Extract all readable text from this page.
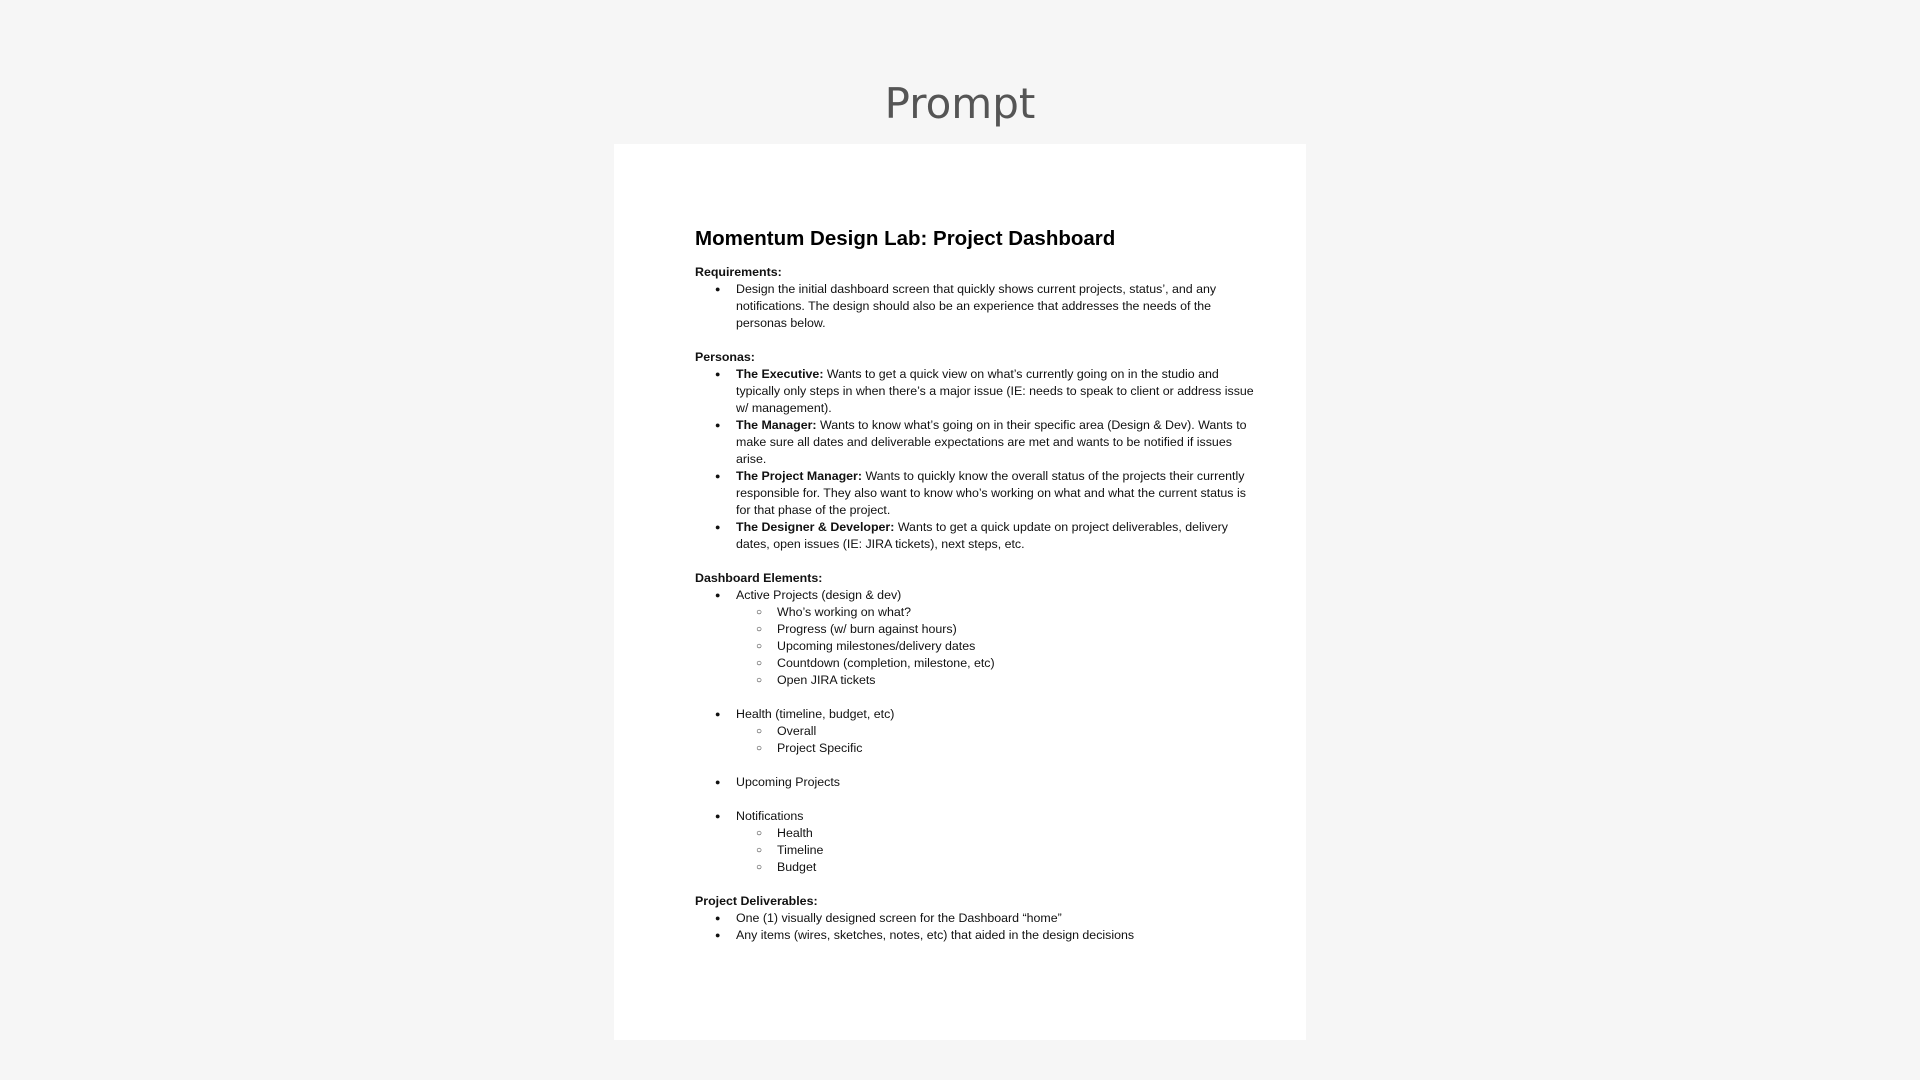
Prompt
Momentum Design Lab: Project Dashboard
Requirements:
● Design the initial dashboard screen that quickly shows current projects, status’, and any notifications. The design should also be an experience that addresses the needs of the personas below.
Personas:
● The Executive: Wants to get a quick view on what’s currently going on in the studio and typically only steps in when there’s a major issue (IE: needs to speak to client or address issue w/ management).
● The Manager: Wants to know what’s going on in their specific area (Design & Dev). Wants to make sure all dates and deliverable expectations are met and wants to be notified if issues arise.
● The Project Manager: Wants to quickly know the overall status of the projects their currently responsible for. They also want to know who’s working on what and what the current status is for that phase of the project.
● The Designer & Developer: Wants to get a quick update on project deliverables, delivery dates, open issues (IE: JIRA tickets), next steps, etc.
Dashboard Elements:
● Active Projects (design & dev)
○ Who’s working on what?
○ Progress (w/ burn against hours)
○ Upcoming milestones/delivery dates
○ Countdown (completion, milestone, etc)
○ Open JIRA tickets
● Health (timeline, budget, etc)
○ Overall
○ Project Specific
● Upcoming Projects
● Notifications
○ Health
○ Timeline
○ Budget
Project Deliverables:
● One (1) visually designed screen for the Dashboard “home”
● Any items (wires, sketches, notes, etc) that aided in the design decisions
